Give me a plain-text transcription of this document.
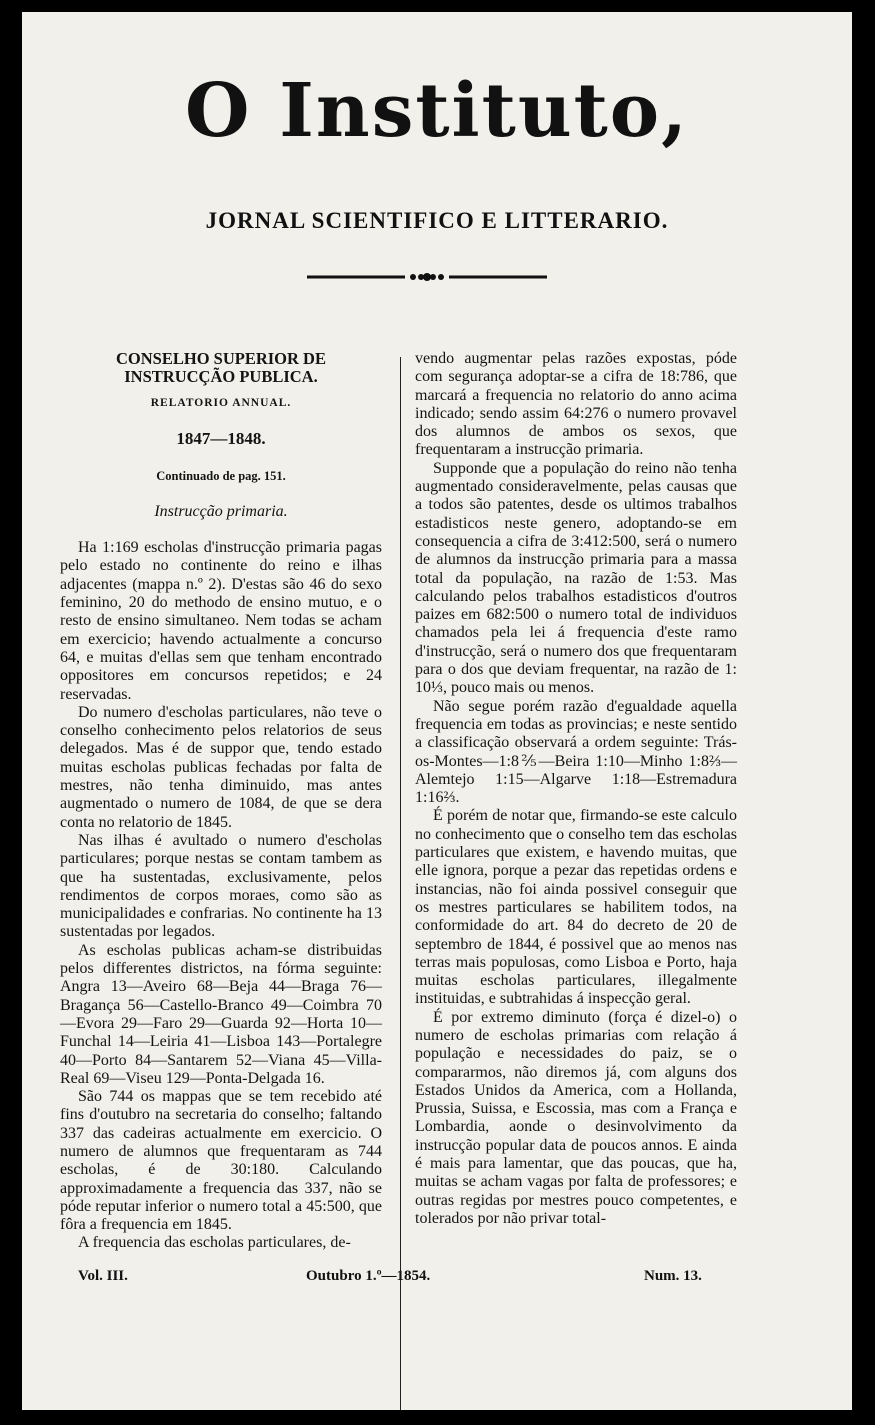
O Instituto,
JORNAL SCIENTIFICO E LITTERARIO.
CONSELHO SUPERIOR DE INSTRUCÇÃO PUBLICA.
RELATORIO ANNUAL.
1847—1848.
Continuado de pag. 151.
Instrucção primaria.

Ha 1:169 escholas d'instrucção primaria pagas pelo estado no continente do reino e ilhas adjacentes (mappa n.º 2). D'estas são 46 do sexo feminino, 20 do methodo de ensino mutuo, e o resto de ensino simultaneo. Nem todas se acham em exercicio; havendo actualmente a concurso 64, e muitas d'ellas sem que tenham encontrado oppositores em concursos repetidos; e 24 reservadas.

Do numero d'escholas particulares, não teve o conselho conhecimento pelos relatorios de seus delegados. Mas é de suppor que, tendo estado muitas escholas publicas fechadas por falta de mestres, não tenha diminuido, mas antes augmentado o numero de 1084, de que se dera conta no relatorio de 1845.

Nas ilhas é avultado o numero d'escholas particulares; porque nestas se contam tambem as que ha sustentadas, exclusivamente, pelos rendimentos de corpos moraes, como são as municipalidades e confrarias. No continente ha 13 sustentadas por legados.

As escholas publicas acham-se distribuidas pelos differentes districtos, na fórma seguinte: Angra 13—Aveiro 68—Beja 44—Braga 76—Bragança 56—Castello-Branco 49—Coimbra 70—Evora 29—Faro 29—Guarda 92—Horta 10—Funchal 14—Leiria 41—Lisboa 143—Portalegre 40—Porto 84—Santarem 52—Viana 45—Villa-Real 69—Viseu 129—Ponta-Delgada 16.

São 744 os mappas que se tem recebido até fins d'outubro na secretaria do conselho; faltando 337 das cadeiras actualmente em exercicio. O numero de alumnos que frequentaram as 744 escholas, é de 30:180. Calculando approximadamente a frequencia das 337, não se póde reputar inferior o numero total a 45:500, que fôra a frequencia em 1845.

A frequencia das escholas particulares, de-

vendo augmentar pelas razões expostas, póde com segurança adoptar-se a cifra de 18:786, que marcará a frequencia no relatorio do anno acima indicado; sendo assim 64:276 o numero provavel dos alumnos de ambos os sexos, que frequentaram a instrucção primaria.

Supponde que a população do reino não tenha augmentado consideravelmente, pelas causas que a todos são patentes, desde os ultimos trabalhos estadisticos neste genero, adoptando-se em consequencia a cifra de 3:412:500, será o numero de alumnos da instrucção primaria para a massa total da população, na razão de 1:53. Mas calculando pelos trabalhos estadisticos d'outros paizes em 682:500 o numero total de individuos chamados pela lei á frequencia d'este ramo d'instrucção, será o numero dos que frequentaram para o dos que deviam frequentar, na razão de 1: 10⅓, pouco mais ou menos.

Não segue porém razão d'egualdade aquella frequencia em todas as provincias; e neste sentido a classificação observará a ordem seguinte: Trás-os-Montes—1:8⅖—Beira 1:10—Minho 1:8⅔—Alemtejo 1:15—Algarve 1:18—Estremadura 1:16⅔.

É porém de notar que, firmando-se este calculo no conhecimento que o conselho tem das escholas particulares que existem, e havendo muitas, que elle ignora, porque a pezar das repetidas ordens e instancias, não foi ainda possivel conseguir que os mestres particulares se habilitem todos, na conformidade do art. 84 do decreto de 20 de septembro de 1844, é possivel que ao menos nas terras mais populosas, como Lisboa e Porto, haja muitas escholas particulares, illegalmente instituidas, e subtrahidas á inspecção geral.

É por extremo diminuto (força é dizel-o) o numero de escholas primarias com relação á população e necessidades do paiz, se o compararmos, não diremos já, com alguns dos Estados Unidos da America, com a Hollanda, Prussia, Suissa, e Escossia, mas com a França e Lombardia, aonde o desinvolvimento da instrucção popular data de poucos annos. E ainda é mais para lamentar, que das poucas, que ha, muitas se acham vagas por falta de professores; e outras regidas por mestres pouco competentes, e tolerados por não privar total-

Vol. III.	Outubro 1.º—1854.	Num. 13.
